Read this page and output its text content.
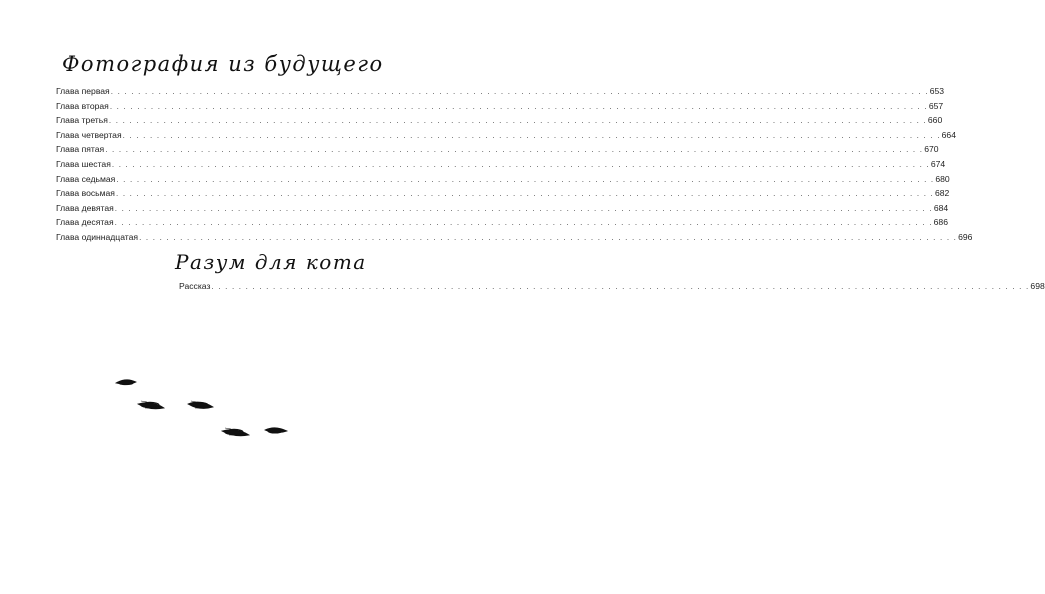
Фотография из будущего
Глава первая . . . . . . . . . . . . . . . . . . . . . . . . . . . . . . . . . . . . . . . . . . . . . . . . . . . . . . . . . . . . . . . . . . . . . . . . . . . . . . . . . . . . . . . . . . . . . . . . . . . . . . . . . . . . . . . . . . . . . . . . 653
Глава вторая . . . . . . . . . . . . . . . . . . . . . . . . . . . . . . . . . . . . . . . . . . . . . . . . . . . . . . . . . . . . . . . . . . . . . . . . . . . . . . . . . . . . . . . . . . . . . . . . . . . . . . . . . . . . . . . . . . . . . . . . 657
Глава третья . . . . . . . . . . . . . . . . . . . . . . . . . . . . . . . . . . . . . . . . . . . . . . . . . . . . . . . . . . . . . . . . . . . . . . . . . . . . . . . . . . . . . . . . . . . . . . . . . . . . . . . . . . . . . . . . . . . . . . . . 660
Глава четвертая . . . . . . . . . . . . . . . . . . . . . . . . . . . . . . . . . . . . . . . . . . . . . . . . . . . . . . . . . . . . . . . . . . . . . . . . . . . . . . . . . . . . . . . . . . . . . . . . . . . . . . . . . . . . . . . . . . . . . . . . 664
Глава пятая . . . . . . . . . . . . . . . . . . . . . . . . . . . . . . . . . . . . . . . . . . . . . . . . . . . . . . . . . . . . . . . . . . . . . . . . . . . . . . . . . . . . . . . . . . . . . . . . . . . . . . . . . . . . . . . . . . . . . . . . 670
Глава шестая . . . . . . . . . . . . . . . . . . . . . . . . . . . . . . . . . . . . . . . . . . . . . . . . . . . . . . . . . . . . . . . . . . . . . . . . . . . . . . . . . . . . . . . . . . . . . . . . . . . . . . . . . . . . . . . . . . . . . . . . 674
Глава седьмая . . . . . . . . . . . . . . . . . . . . . . . . . . . . . . . . . . . . . . . . . . . . . . . . . . . . . . . . . . . . . . . . . . . . . . . . . . . . . . . . . . . . . . . . . . . . . . . . . . . . . . . . . . . . . . . . . . . . . . . . 680
Глава восьмая . . . . . . . . . . . . . . . . . . . . . . . . . . . . . . . . . . . . . . . . . . . . . . . . . . . . . . . . . . . . . . . . . . . . . . . . . . . . . . . . . . . . . . . . . . . . . . . . . . . . . . . . . . . . . . . . . . . . . . . . 682
Глава девятая . . . . . . . . . . . . . . . . . . . . . . . . . . . . . . . . . . . . . . . . . . . . . . . . . . . . . . . . . . . . . . . . . . . . . . . . . . . . . . . . . . . . . . . . . . . . . . . . . . . . . . . . . . . . . . . . . . . . . . . . 684
Глава десятая . . . . . . . . . . . . . . . . . . . . . . . . . . . . . . . . . . . . . . . . . . . . . . . . . . . . . . . . . . . . . . . . . . . . . . . . . . . . . . . . . . . . . . . . . . . . . . . . . . . . . . . . . . . . . . . . . . . . . . . . 686
Глава одиннадцатая . . . . . . . . . . . . . . . . . . . . . . . . . . . . . . . . . . . . . . . . . . . . . . . . . . . . . . . . . . . . . . . . . . . . . . . . . . . . . . . . . . . . . . . . . . . . . . . . . . . . . . . . . . . . . . . . . . . . . . . . 696
Разум для кота
Рассказ . . . . . . . . . . . . . . . . . . . . . . . . . . . . . . . . . . . . . . . . . . . . . . . . . . . . . . . . . . . . . . . . . . . . . . . . . . . . . . . . . . . . . . . . . . . . . . . . . . . . . . . . . . . . . . . . . . . . . . . . 698
